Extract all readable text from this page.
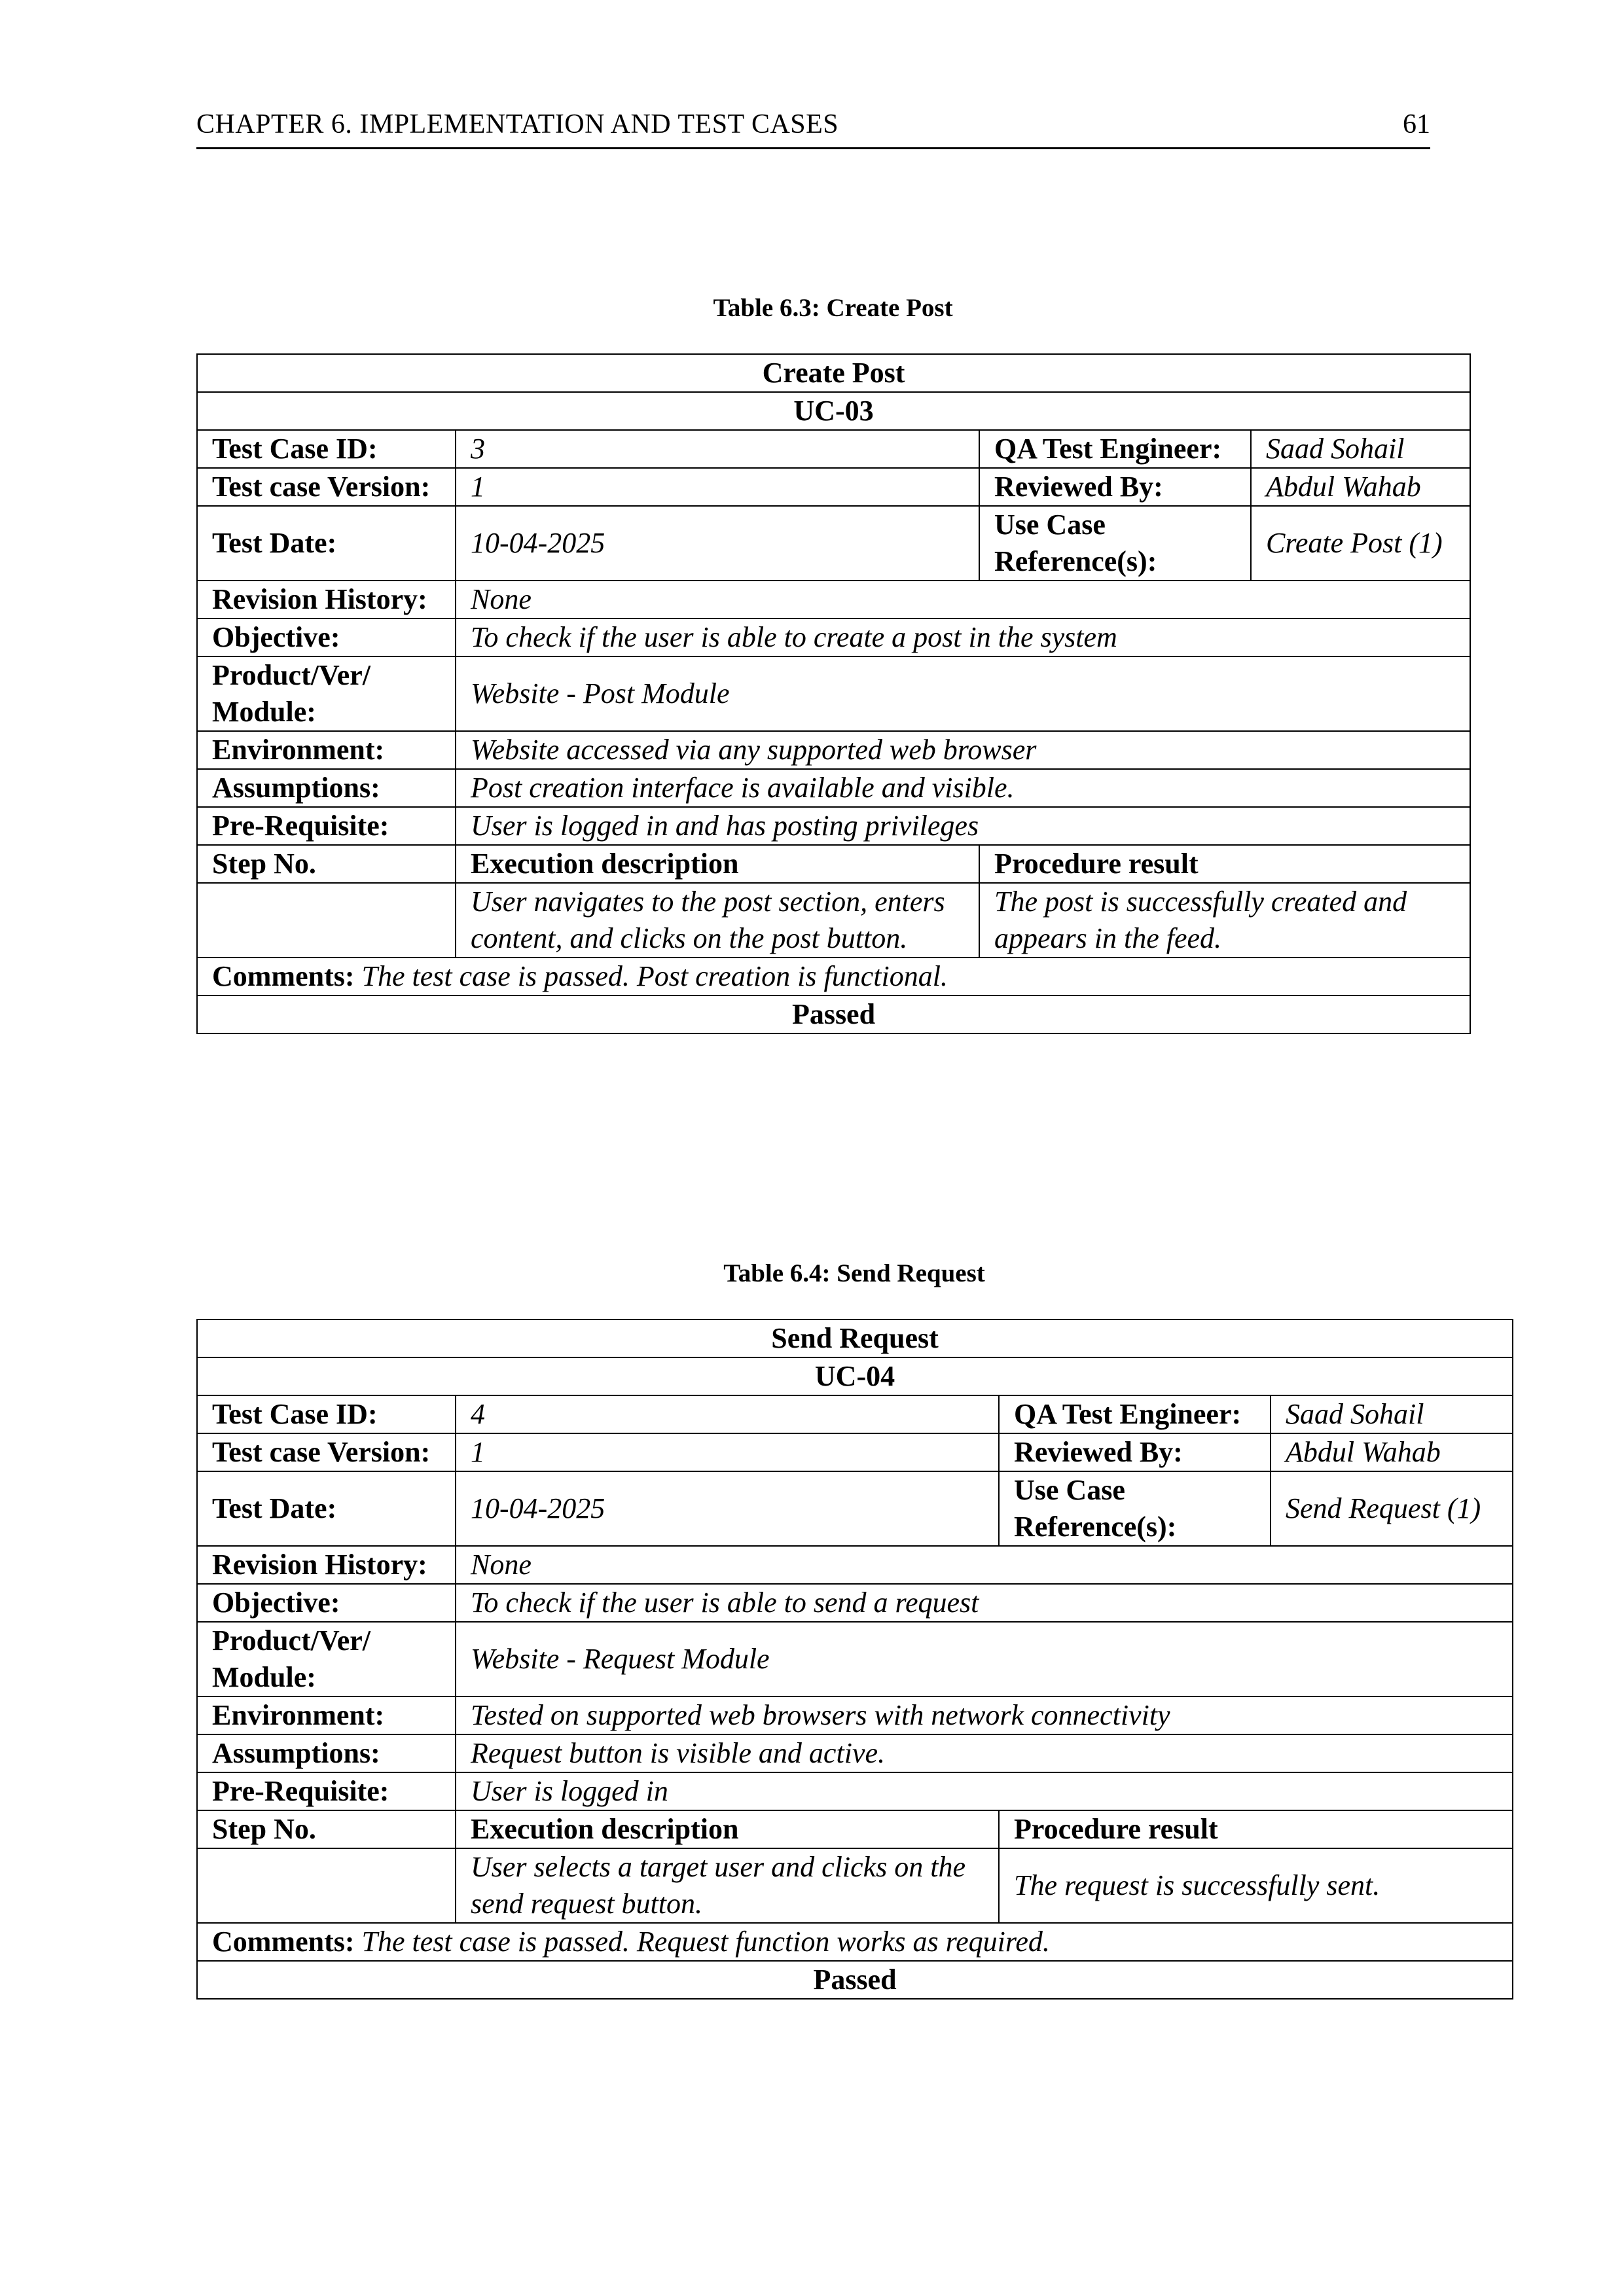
CHAPTER 6. IMPLEMENTATION AND TEST CASES	61
Table 6.3: Create Post
Create Post			
UC-03			
Test Case ID:	3	QA Test Engineer:	Saad Sohail
Test case Version:	1	Reviewed By:	Abdul Wahab
Test Date:	10-04-2025	Use Case Reference(s):	Create Post (1)
Revision History:	None		
Objective:	To check if the user is able to create a post in the system		
Product/Ver/ Module:	Website - Post Module		
Environment:	Website accessed via any supported web browser		
Assumptions:	Post creation interface is available and visible.		
Pre-Requisite:	User is logged in and has posting privileges		
Step No.	Execution description	Procedure result	
	User navigates to the post section, enters content, and clicks on the post button.	The post is successfully created and appears in the feed.	
Comments: The test case is passed. Post creation is functional.			
Passed			
Table 6.4: Send Request
Send Request			
UC-04			
Test Case ID:	4	QA Test Engineer:	Saad Sohail
Test case Version:	1	Reviewed By:	Abdul Wahab
Test Date:	10-04-2025	Use Case Reference(s):	Send Request (1)
Revision History:	None		
Objective:	To check if the user is able to send a request		
Product/Ver/ Module:	Website - Request Module		
Environment:	Tested on supported web browsers with network connectivity		
Assumptions:	Request button is visible and active.		
Pre-Requisite:	User is logged in		
Step No.	Execution description	Procedure result	
	User selects a target user and clicks on the send request button.	The request is successfully sent.	
Comments: The test case is passed. Request function works as required.			
Passed			
